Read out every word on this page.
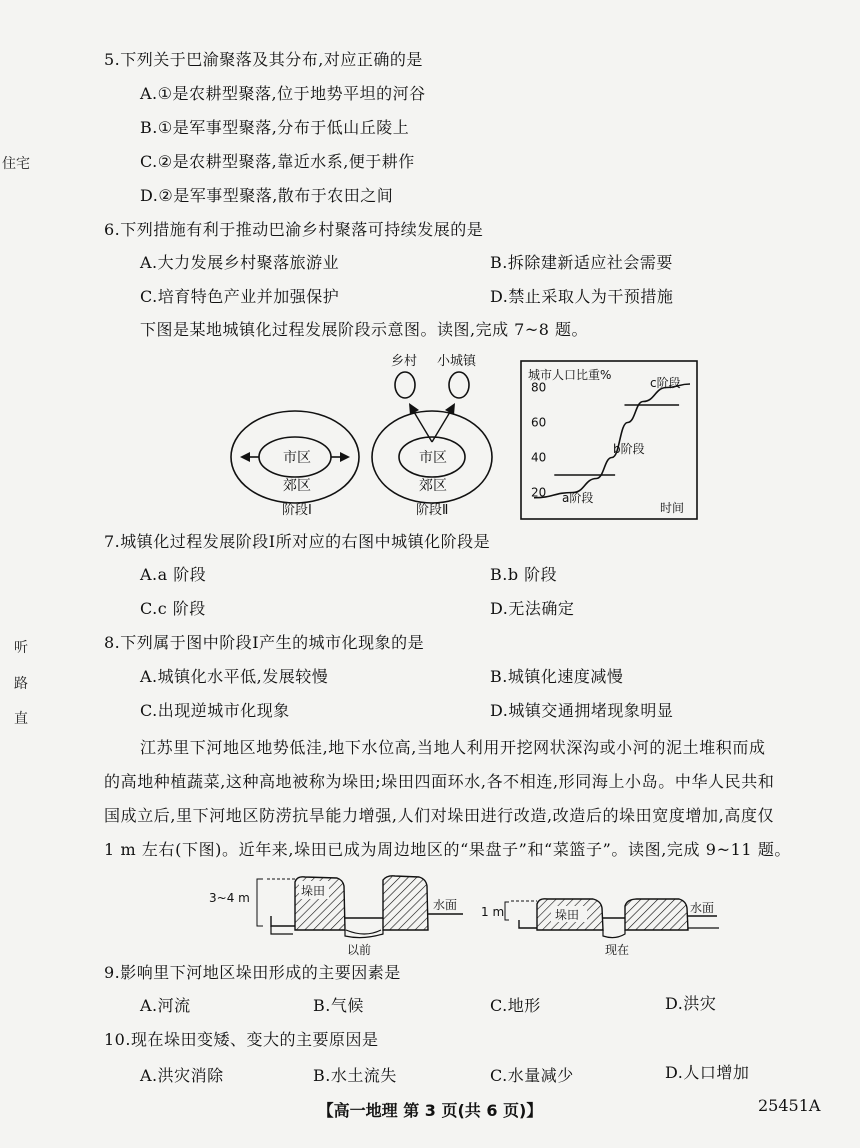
住宅
听
路
直
5.下列关于巴渝聚落及其分布,对应正确的是
A.①是农耕型聚落,位于地势平坦的河谷
B.①是军事型聚落,分布于低山丘陵上
C.②是农耕型聚落,靠近水系,便于耕作
D.②是军事型聚落,散布于农田之间
6.下列措施有利于推动巴渝乡村聚落可持续发展的是
A.大力发展乡村聚落旅游业	B.拆除建新适应社会需要
C.培育特色产业并加强保护	D.禁止采取人为干预措施
下图是某地城镇化过程发展阶段示意图。读图,完成 7~8 题。
市区
郊区
阶段Ⅰ
市区
郊区
阶段Ⅱ
乡村 小城镇
城市人口比重%
时间
20
40
60
80
a阶段
b阶段
c阶段
7.城镇化过程发展阶段Ⅰ所对应的右图中城镇化阶段是
A.a 阶段	B.b 阶段
C.c 阶段	D.无法确定
8.下列属于图中阶段Ⅰ产生的城市化现象的是
A.城镇化水平低,发展较慢	B.城镇化速度减慢
C.出现逆城市化现象	D.城镇交通拥堵现象明显
江苏里下河地区地势低洼,地下水位高,当地人利用开挖网状深沟或小河的泥土堆积而成
的高地种植蔬菜,这种高地被称为垛田;垛田四面环水,各不相连,形同海上小岛。中华人民共和
国成立后,里下河地区防涝抗旱能力增强,人们对垛田进行改造,改造后的垛田宽度增加,高度仅
1 m 左右(下图)。近年来,垛田已成为周边地区的“果盘子”和“菜篮子”。读图,完成 9~11 题。
3~4 m	垛田
水面
以前
1 m	垛田	水面
现在
9.影响里下河地区垛田形成的主要因素是
A.河流	B.气候	C.地形	D.洪灾
10.现在垛田变矮、变大的主要原因是
A.洪灾消除	B.水土流失	C.水量减少	D.人口增加
【高一地理 第 3 页(共 6 页)】	25451A
